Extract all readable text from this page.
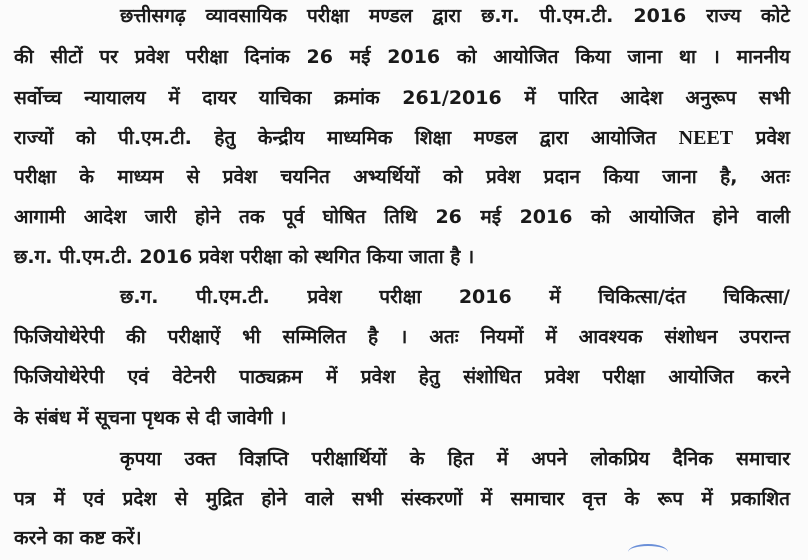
छत्तीसगढ़ व्यावसायिक परीक्षा मण्डल द्वारा छ.ग. पी.एम.टी. 2016 राज्य कोटे
की सीटों पर प्रवेश परीक्षा दिनांक 26 मई 2016 को आयोजित किया जाना था । माननीय
सर्वोच्च न्यायालय में दायर याचिका क्रमांक 261/2016 में पारित आदेश अनुरूप सभी
राज्यों को पी.एम.टी. हेतु केन्द्रीय माध्यमिक शिक्षा मण्डल द्वारा आयोजित NEET प्रवेश
परीक्षा के माध्यम से प्रवेश चयनित अभ्यर्थियों को प्रवेश प्रदान किया जाना है, अतः
आगामी आदेश जारी होने तक पूर्व घोषित तिथि 26 मई 2016 को आयोजित होने वाली
छ.ग. पी.एम.टी. 2016 प्रवेश परीक्षा को स्थगित किया जाता है ।
छ.ग. पी.एम.टी. प्रवेश परीक्षा 2016 में चिकित्सा/दंत चिकित्सा/
फिजियोथेरेपी की परीक्षाऐं भी सम्मिलित है । अतः नियमों में आवश्यक संशोधन उपरान्त
फिजियोथेरेपी एवं वेटेनरी पाठ्यक्रम में प्रवेश हेतु संशोधित प्रवेश परीक्षा आयोजित करने
के संबंध में सूचना पृथक से दी जावेगी ।
कृपया उक्त विज्ञप्ति परीक्षार्थियों के हित में अपने लोकप्रिय दैनिक समाचार
पत्र में एवं प्रदेश से मुद्रित होने वाले सभी संस्करणों में समाचार वृत्त के रूप में प्रकाशित
करने का कष्ट करें।
